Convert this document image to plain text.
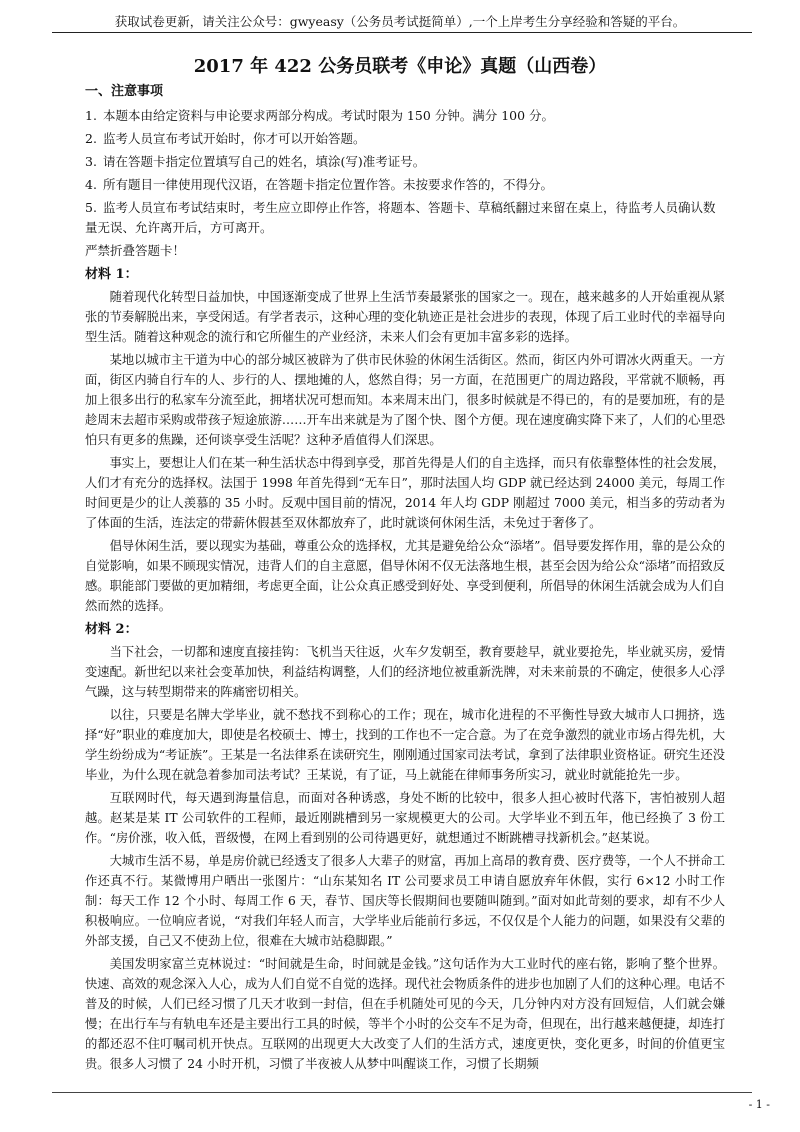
获取试卷更新，请关注公众号：gwyeasy（公务员考试挺简单）,一个上岸考生分享经验和答疑的平台。
2017 年 422 公务员联考《申论》真题（山西卷）
一、注意事项
1. 本题本由给定资料与申论要求两部分构成。考试时限为 150 分钟。满分 100 分。
2. 监考人员宣布考试开始时，你才可以开始答题。
3. 请在答题卡指定位置填写自己的姓名，填涂(写)准考证号。
4. 所有题目一律使用现代汉语，在答题卡指定位置作答。未按要求作答的，不得分。
5. 监考人员宣布考试结束时，考生应立即停止作答，将题本、答题卡、草稿纸翻过来留在桌上，待监考人员确认数量无误、允许离开后，方可离开。
严禁折叠答题卡！
材料 1：

随着现代化转型日益加快，中国逐渐变成了世界上生活节奏最紧张的国家之一。现在，越来越多的人开始重视从紧张的节奏解脱出来，享受闲适。有学者表示，这种心理的变化轨迹正是社会进步的表现，体现了后工业时代的幸福导向型生活。随着这种观念的流行和它所催生的产业经济，未来人们会有更加丰富多彩的选择。

某地以城市主干道为中心的部分城区被辟为了供市民休验的休闲生活街区。然而，街区内外可谓冰火两重天。一方面，街区内骑自行车的人、步行的人、摆地摊的人，悠然自得；另一方面，在范围更广的周边路段，平常就不顺畅，再加上很多出行的私家车分流至此，拥堵状况可想而知。本来周末出门，很多时候就是不得已的，有的是要加班，有的是趁周末去超市采购或带孩子短途旅游……开车出来就是为了图个快、图个方便。现在速度确实降下来了，人们的心里恐怕只有更多的焦躁，还何谈享受生活呢？这种矛盾值得人们深思。

事实上，要想让人们在某一种生活状态中得到享受，那首先得是人们的自主选择，而只有依靠整体性的社会发展，人们才有充分的选择权。法国于 1998 年首先得到“无车日”，那时法国人均 GDP 就已经达到 24000 美元，每周工作时间更是少的让人羡慕的 35 小时。反观中国目前的情况，2014 年人均 GDP 刚超过 7000 美元，相当多的劳动者为了体面的生活，连法定的带薪休假甚至双休都放弃了，此时就谈何休闲生活，未免过于奢侈了。

倡导休闲生活，要以现实为基础，尊重公众的选择权，尤其是避免给公众“添堵”。倡导要发挥作用，靠的是公众的自觉影响，如果不顾现实情况，违背人们的自主意愿，倡导休闲不仅无法落地生根，甚至会因为给公众“添堵”而招致反感。职能部门要做的更加精细，考虑更全面，让公众真正感受到好处、享受到便利，所倡导的休闲生活就会成为人们自然而然的选择。

材料 2：

当下社会，一切都和速度直接挂钩：飞机当天往返，火车夕发朝至，教育要趁早，就业要抢先，毕业就买房，爱情变速配。新世纪以来社会变革加快，利益结构调整，人们的经济地位被重新洗牌，对未来前景的不确定，使很多人心浮气躁，这与转型期带来的阵痛密切相关。

以往，只要是名牌大学毕业，就不愁找不到称心的工作；现在，城市化进程的不平衡性导致大城市人口拥挤，选择“好”职业的难度加大，即使是名校硕士、博士，找到的工作也不一定合意。为了在竞争激烈的就业市场占得先机，大学生纷纷成为“考证族”。王某是一名法律系在读研究生，刚刚通过国家司法考试，拿到了法律职业资格证。研究生还没毕业，为什么现在就急着参加司法考试？王某说，有了证，马上就能在律师事务所实习，就业时就能抢先一步。

互联网时代，每天遇到海量信息，而面对各种诱惑，身处不断的比较中，很多人担心被时代落下，害怕被别人超越。赵某是某 IT 公司软件的工程师，最近刚跳槽到另一家规模更大的公司。大学毕业不到五年，他已经换了 3 份工作。“房价涨，收入低，晋级慢，在网上看到别的公司待遇更好，就想通过不断跳槽寻找新机会。”赵某说。

大城市生活不易，单是房价就已经透支了很多人大辈子的财富，再加上高昂的教育费、医疗费等，一个人不拼命工作还真不行。某微博用户晒出一张图片：“山东某知名 IT 公司要求员工申请自愿放弃年休假，实行 6×12 小时工作制：每天工作 12 个小时、每周工作 6 天，春节、国庆等长假期间也要随叫随到。”面对如此苛刻的要求，却有不少人积极响应。一位响应者说，“对我们年轻人而言，大学毕业后能前行多远，不仅仅是个人能力的问题，如果没有父辈的外部支援，自己又不使劲上位，很难在大城市站稳脚跟。”

美国发明家富兰克林说过：“时间就是生命，时间就是金钱。”这句话作为大工业时代的座右铭，影响了整个世界。快速、高效的观念深入人心，成为人们自觉不自觉的选择。现代社会物质条件的进步也加剧了人们的这种心理。电话不普及的时候，人们已经习惯了几天才收到一封信，但在手机随处可见的今天，几分钟内对方没有回短信，人们就会嫌慢；在出行车与有轨电车还是主要出行工具的时候，等半个小时的公交车不足为奇，但现在，出行越来越便捷，却连打的都还忍不住叮嘱司机开快点。互联网的出现更大大改变了人们的生活方式，速度更快，变化更多，时间的价值更宝贵。很多人习惯了 24 小时开机，习惯了半夜被人从梦中叫醒谈工作，习惯了长期频

- 1 -
